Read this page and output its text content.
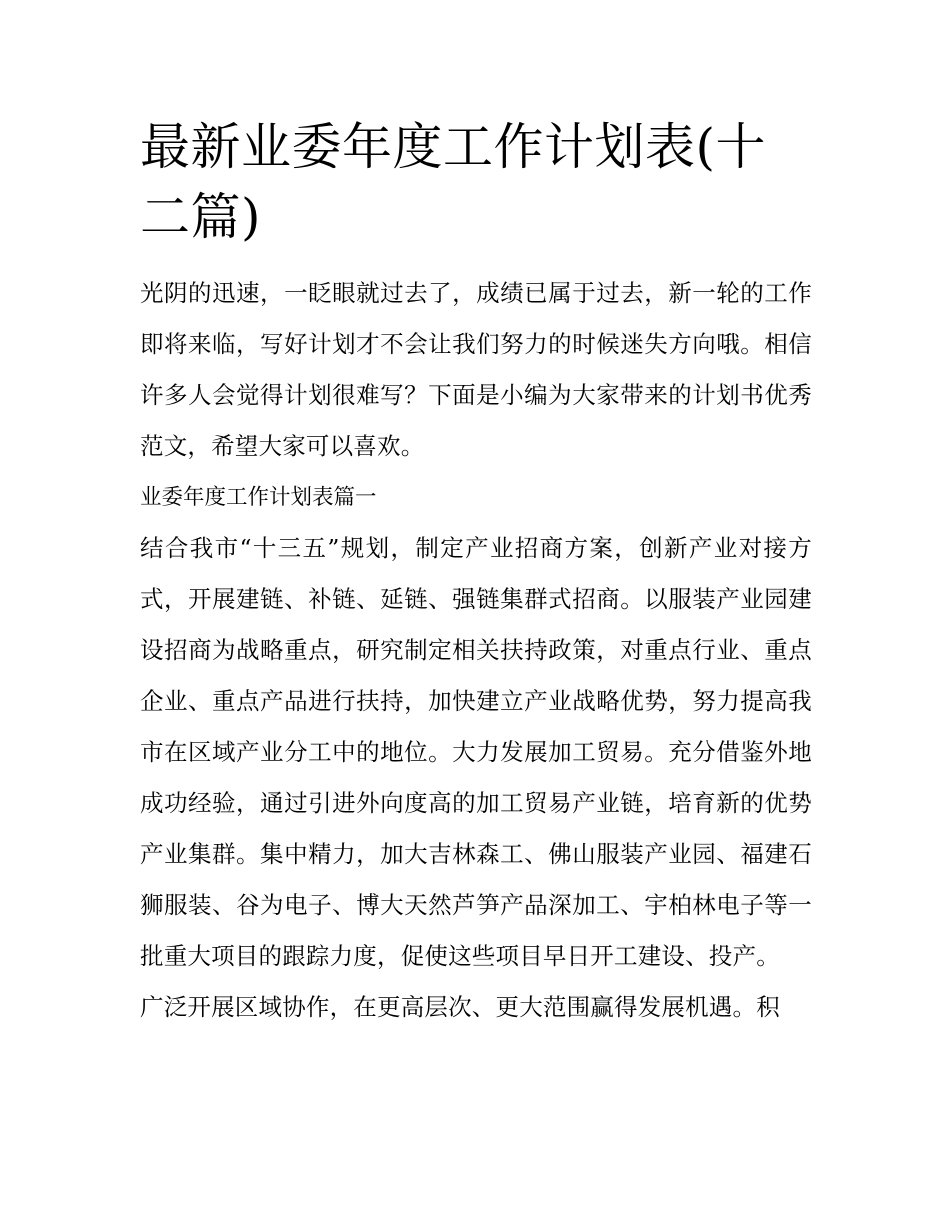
最新业委年度工作计划表(十二篇)

光阴的迅速，一眨眼就过去了，成绩已属于过去，新一轮的工作即将来临，写好计划才不会让我们努力的时候迷失方向哦。相信许多人会觉得计划很难写？下面是小编为大家带来的计划书优秀范文，希望大家可以喜欢。

业委年度工作计划表篇一

结合我市“十三五”规划，制定产业招商方案，创新产业对接方式，开展建链、补链、延链、强链集群式招商。以服装产业园建设招商为战略重点，研究制定相关扶持政策，对重点行业、重点企业、重点产品进行扶持，加快建立产业战略优势，努力提高我市在区域产业分工中的地位。大力发展加工贸易。充分借鉴外地成功经验，通过引进外向度高的加工贸易产业链，培育新的优势产业集群。集中精力，加大吉林森工、佛山服装产业园、福建石狮服装、谷为电子、博大天然芦笋产品深加工、宇柏林电子等一批重大项目的跟踪力度，促使这些项目早日开工建设、投产。

广泛开展区域协作，在更高层次、更大范围赢得发展机遇。积
